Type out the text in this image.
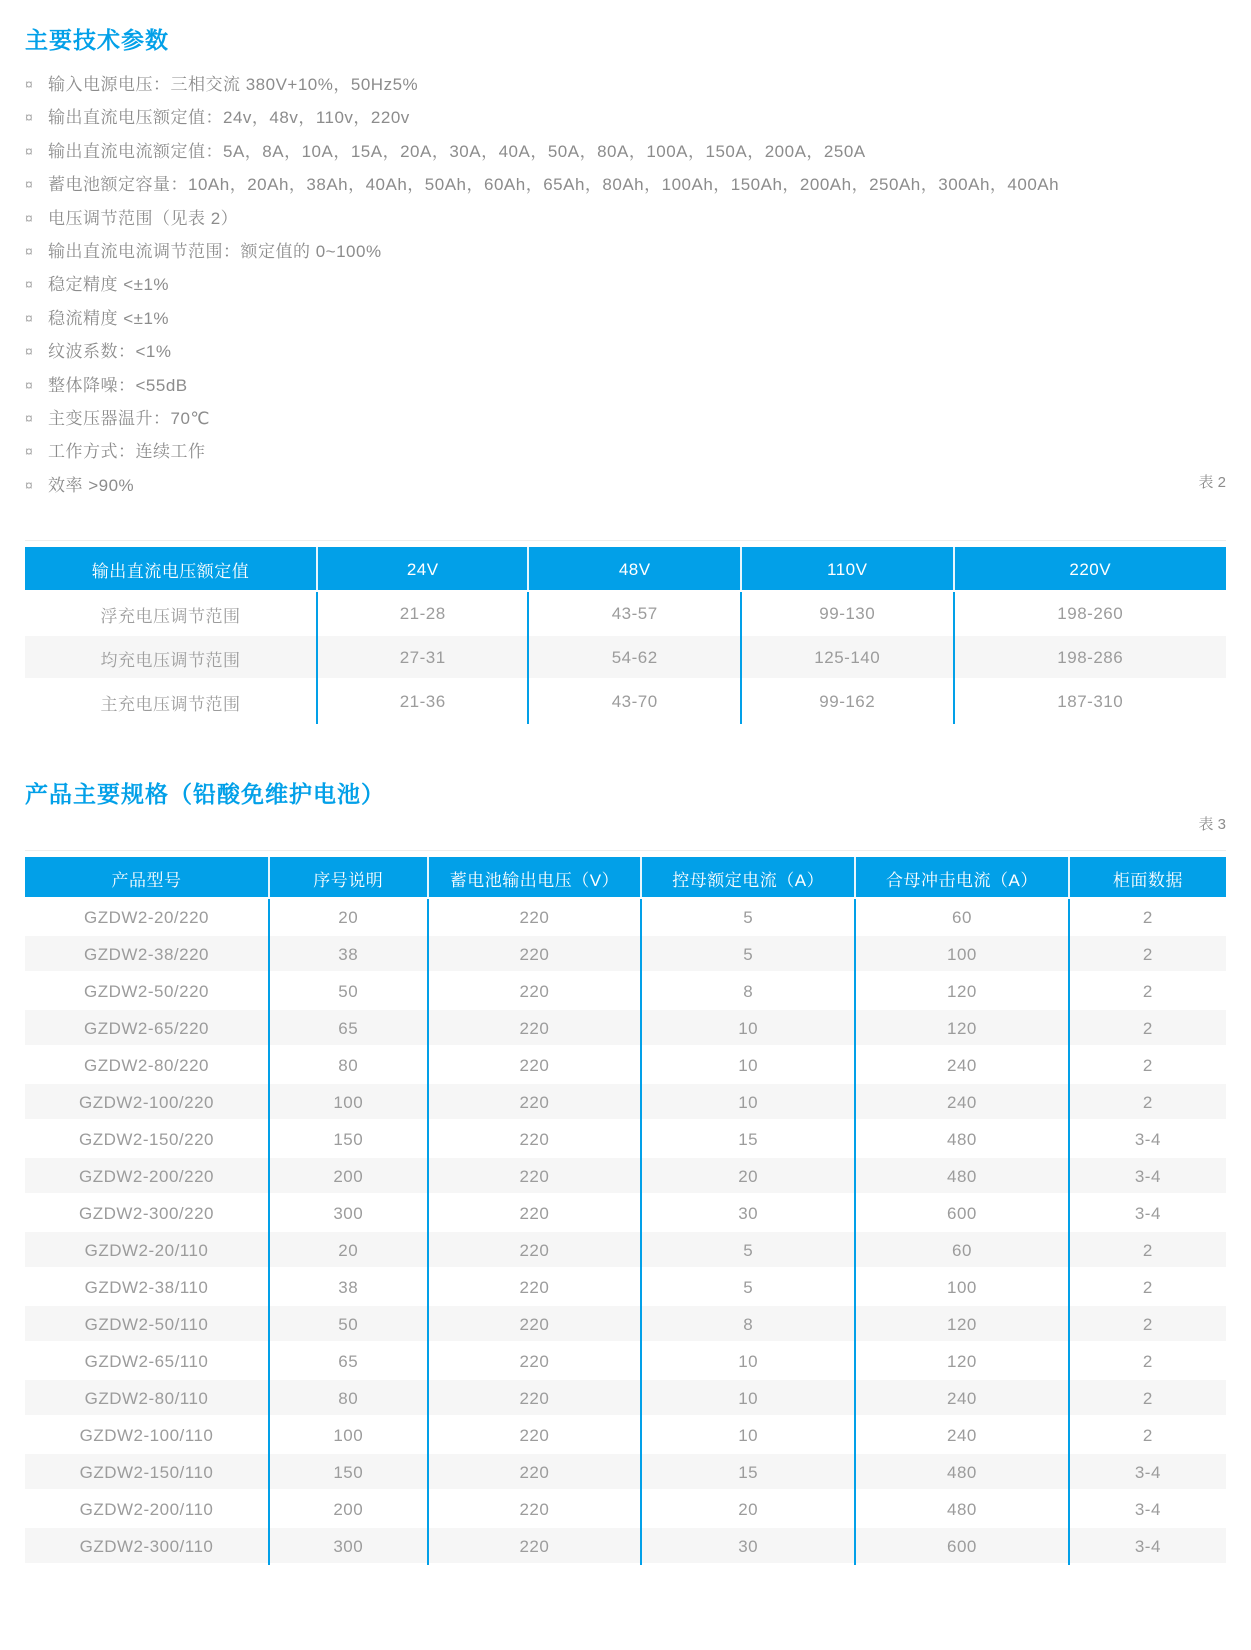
主要技术参数
¤ 输入电源电压：三相交流 380V+10%，50Hz5%
¤ 输出直流电压额定值：24v，48v，110v，220v
¤ 输出直流电流额定值：5A，8A，10A，15A，20A，30A，40A，50A，80A，100A，150A，200A，250A
¤ 蓄电池额定容量：10Ah，20Ah，38Ah，40Ah，50Ah，60Ah，65Ah，80Ah，100Ah，150Ah，200Ah，250Ah，300Ah，400Ah
¤ 电压调节范围（见表 2）
¤ 输出直流电流调节范围：额定值的 0~100%
¤ 稳定精度 <±1%
¤ 稳流精度 <±1%
¤ 纹波系数：<1%
¤ 整体降噪：<55dB
¤ 主变压器温升：70℃
¤ 工作方式：连续工作
¤ 效率 >90%	表 2
输出直流电压额定值	24V	48V	110V	220V
浮充电压调节范围	21-28	43-57	99-130	198-260
均充电压调节范围	27-31	54-62	125-140	198-286
主充电压调节范围	21-36	43-70	99-162	187-310
产品主要规格（铅酸免维护电池）
表 3
产品型号	序号说明	蓄电池输出电压（V）	控母额定电流（A）	合母冲击电流（A）	柜面数据
GZDW2-20/220	20	220	5	60	2
GZDW2-38/220	38	220	5	100	2
GZDW2-50/220	50	220	8	120	2
GZDW2-65/220	65	220	10	120	2
GZDW2-80/220	80	220	10	240	2
GZDW2-100/220	100	220	10	240	2
GZDW2-150/220	150	220	15	480	3-4
GZDW2-200/220	200	220	20	480	3-4
GZDW2-300/220	300	220	30	600	3-4
GZDW2-20/110	20	220	5	60	2
GZDW2-38/110	38	220	5	100	2
GZDW2-50/110	50	220	8	120	2
GZDW2-65/110	65	220	10	120	2
GZDW2-80/110	80	220	10	240	2
GZDW2-100/110	100	220	10	240	2
GZDW2-150/110	150	220	15	480	3-4
GZDW2-200/110	200	220	20	480	3-4
GZDW2-300/110	300	220	30	600	3-4
